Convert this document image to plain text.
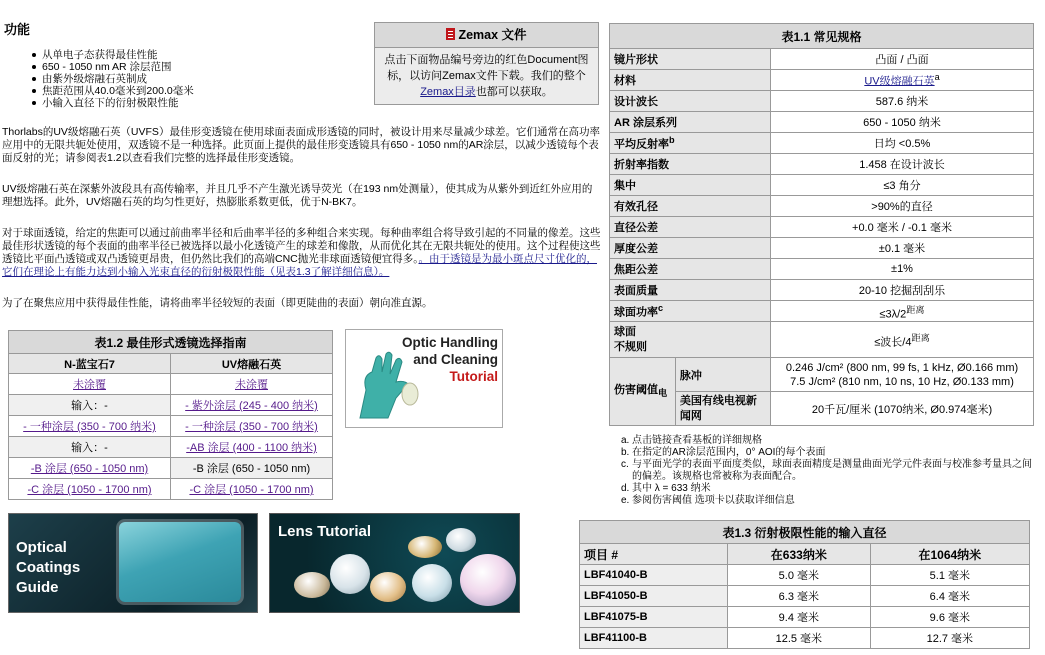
功能
从单电子态获得最佳性能
650 - 1050 nm AR 涂层范围
由紫外级熔融石英制成
焦距范围从40.0毫米到200.0毫米
小输入直径下的衍射极限性能

Thorlabs的UV级熔融石英（UVFS）最佳形变透镜在使用球面表面成形透镜的同时，被设计用来尽量减少球差。它们通常在高功率应用中的无限共轭处使用，双透镜不是一种选择。此页面上提供的最佳形变透镜具有650 - 1050 nm的AR涂层，以减少透镜每个表面反射的光；请参阅表1.2以查看我们完整的选择最佳形变透镜。

UV级熔融石英在深紫外波段具有高传输率，并且几乎不产生激光诱导荧光（在193 nm处测量），使其成为从紫外到近红外应用的理想选择。此外，UV熔融石英的均匀性更好，热膨胀系数更低，优于N-BK7。

对于球面透镜，给定的焦距可以通过前曲率半径和后曲率半径的多种组合来实现。每种曲率组合将导致引起的不同量的像差。这些最佳形状透镜的每个表面的曲率半径已被选择以最小化透镜产生的球差和像散，从而优化其在无限共轭处的使用。这个过程使这些透镜比平面凸透镜或双凸透镜更昂贵，但仍然比我们的高端CNC抛光非球面透镜便宜得多。。由于透镜是为最小斑点尺寸优化的，它们在理论上有能力达到小输入光束直径的衍射极限性能（见表1.3了解详细信息）。

为了在聚焦应用中获得最佳性能，请将曲率半径较短的表面（即更陡曲的表面）朝向准直源。

Zemax 文件
点击下面物品编号旁边的红色Document图标，以访问Zemax文件下载。我们的整个Zemax目录也都可以获取。
表1.1 常见规格		
镜片形状		凸面 / 凸面
材料		UV级熔融石英$^a$
设计波长		587.6 纳米
AR 涂层系列		650 - 1050 纳米
平均反射率$^b$		日均 <0.5%
折射率指数		1.458 在设计波长
集中		≤3 角分
有效孔径		>90%的直径
直径公差		+0.0 毫米 / -0.1 毫米
厚度公差		±0.1 毫米
焦距公差		±1%
表面质量		20-10 挖掘刮刮乐
球面功率$^c$		$\le 3\lambda/2^{距离}$
球面
不规则		≤波长$/4^{距离}$
伤害阈值$_电$	脉冲	0.246 J/cm² (800 nm, 99 fs, 1 kHz, Ø0.166 mm)
7.5 J/cm² (810 nm, 10 ns, 10 Hz, Ø0.133 mm)

	美国有线电视新闻网	20千瓦/厘米 (1070纳米, Ø0.974毫米)
a. 点击链接查看基板的详细规格
b. 在指定的AR涂层范围内，0° AOI的每个表面
c. 与平面光学的表面平面度类似，球面表面精度是测量曲面光学元件表面与校准参考量具之间的偏差。该规格也常被称为表面配合。
d. 其中 λ = 633 纳米
e. 参阅伤害阈值 选项卡以获取详细信息
表1.2 最佳形式透镜选择指南	
N-蓝宝石7	UV熔融石英
未涂覆	未涂覆
输入：-	- 紫外涂层 (245 - 400 纳米)
- 一种涂层 (350 - 700 纳米)	- 一种涂层 (350 - 700 纳米)
输入：-	-AB 涂层 (400 - 1100 纳米)
-B 涂层 (650 - 1050 nm)	-B 涂层 (650 - 1050 nm)
-C 涂层 (1050 - 1700 nm)	-C 涂层 (1050 - 1700 nm)
Optic Handling
and Cleaning
Tutorial
Optical
Coatings
Guide
Lens Tutorial	表1.3 衍射极限性能的输入直径		
项目 #	在633纳米	在1064纳米
LBF41040-B	5.0 毫米	5.1 毫米
LBF41050-B	6.3 毫米	6.4 毫米
LBF41075-B	9.4 毫米	9.6 毫米
LBF41100-B	12.5 毫米	12.7 毫米
